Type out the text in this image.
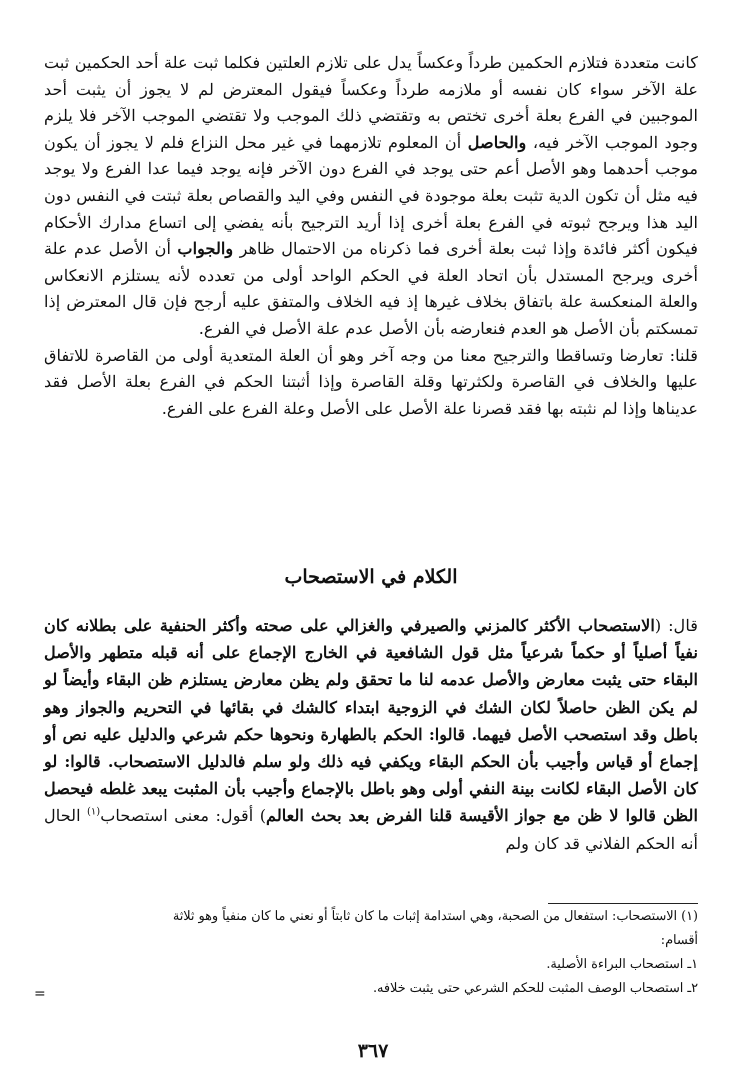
كانت متعددة فتلازم الحكمين طرداً وعكساً يدل على تلازم العلتين فكلما ثبت علة أحد الحكمين ثبت علة الآخر سواء كان نفسه أو ملازمه طرداً وعكساً فيقول المعترض لم لا يجوز أن يثبت أحد الموجبين في الفرع بعلة أخرى تختص به وتقتضي ذلك الموجب ولا تقتضي الموجب الآخر فلا يلزم وجود الموجب الآخر فيه، والحاصل أن المعلوم تلازمهما في غير محل النزاع فلم لا يجوز أن يكون موجب أحدهما وهو الأصل أعم حتى يوجد في الفرع دون الآخر فإنه يوجد فيما عدا الفرع ولا يوجد فيه مثل أن تكون الدية تثبت بعلة موجودة في النفس وفي اليد والقصاص بعلة ثبتت في النفس دون اليد هذا ويرجح ثبوته في الفرع بعلة أخرى إذا أريد الترجيح بأنه يفضي إلى اتساع مدارك الأحكام فيكون أكثر فائدة وإذا ثبت بعلة أخرى فما ذكرناه من الاحتمال ظاهر والجواب أن الأصل عدم علة أخرى ويرجح المستدل بأن اتحاد العلة في الحكم الواحد أولى من تعدده لأنه يستلزم الانعكاس والعلة المنعكسة علة باتفاق بخلاف غيرها إذ فيه الخلاف والمتفق عليه أرجح فإن قال المعترض إذا تمسكتم بأن الأصل هو العدم فنعارضه بأن الأصل عدم علة الأصل في الفرع.

قلنا: تعارضا وتساقطا والترجيح معنا من وجه آخر وهو أن العلة المتعدية أولى من القاصرة للاتفاق عليها والخلاف في القاصرة ولكثرتها وقلة القاصرة وإذا أثبتنا الحكم في الفرع بعلة الأصل فقد عديناها وإذا لم نثبته بها فقد قصرنا علة الأصل على الأصل وعلة الفرع على الفرع.

الكلام في الاستصحاب

قال: (الاستصحاب الأكثر كالمزني والصيرفي والغزالي على صحته وأكثر الحنفية على بطلانه كان نفياً أصلياً أو حكماً شرعياً مثل قول الشافعية في الخارج الإجماع على أنه قبله متطهر والأصل البقاء حتى يثبت معارض والأصل عدمه لنا ما تحقق ولم يظن معارض يستلزم ظن البقاء وأيضاً لو لم يكن الظن حاصلاً لكان الشك في الزوجية ابتداء كالشك في بقائها في التحريم والجواز وهو باطل وقد استصحب الأصل فيهما. قالوا: الحكم بالطهارة ونحوها حكم شرعي والدليل عليه نص أو إجماع أو قياس وأجيب بأن الحكم البقاء ويكفي فيه ذلك ولو سلم فالدليل الاستصحاب. قالوا: لو كان الأصل البقاء لكانت بينة النفي أولى وهو باطل بالإجماع وأجيب بأن المثبت يبعد غلطه فيحصل الظن قالوا لا ظن مع جواز الأقيسة قلنا الفرض بعد بحث العالم) أقول: معنى استصحاب$^{(١)}$ الحال أنه الحكم الفلاني قد كان ولم

(١) الاستصحاب: استفعال من الصحبة، وهي استدامة إثبات ما كان ثابتاً أو نعني ما كان منفياً وهو ثلاثة

أقسام:

١ـ استصحاب البراءة الأصلية.

٢ـ استصحاب الوصف المثبت للحكم الشرعي حتى يثبت خلافه.

=
٣٦٧
